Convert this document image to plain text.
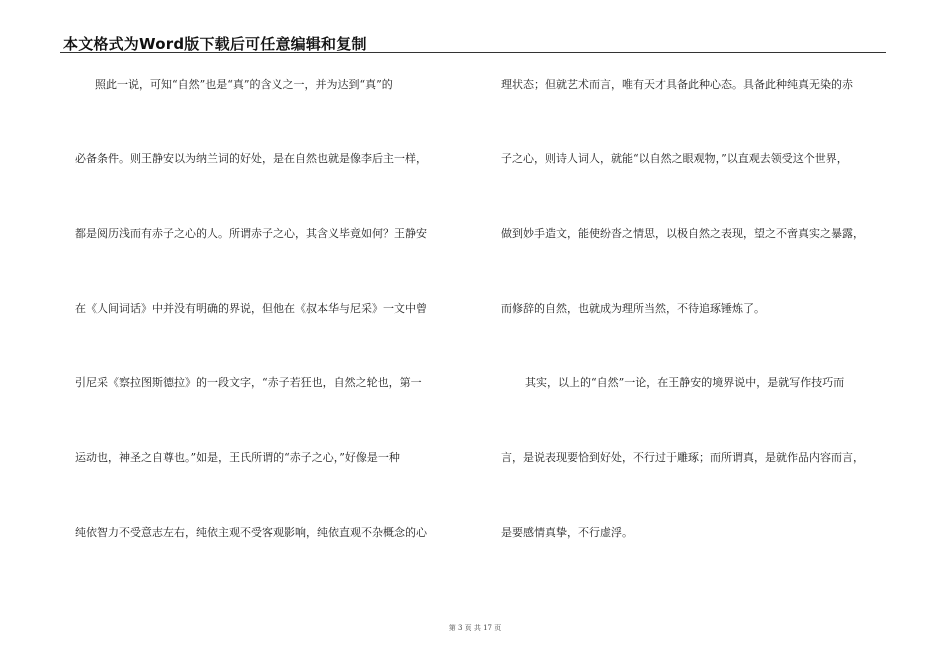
本文格式为Word版下载后可任意编辑和复制
照此一说，可知“自然”也是“真”的含义之一，并为达到“真”的
必备条件。则王静安以为纳兰词的好处，是在自然也就是像李后主一样，
都是阅历浅而有赤子之心的人。所谓赤子之心，其含义毕竟如何？王静安
在《人间词话》中并没有明确的界说，但他在《叔本华与尼采》一文中曾
引尼采《察拉图斯德拉》的一段文字，“赤子若狂也，自然之轮也，第一
运动也，神圣之自尊也。”如是，王氏所谓的“赤子之心，”好像是一种
纯依智力不受意志左右，纯依主观不受客观影响，纯依直观不杂概念的心
理状态；但就艺术而言，唯有天才具备此种心态。具备此种纯真无染的赤
子之心，则诗人词人，就能“以自然之眼观物，”以直观去领受这个世界，
做到妙手造文，能使纷沓之情思，以极自然之表现，望之不啻真实之暴露，
而修辞的自然，也就成为理所当然，不待追琢锤炼了。
其实，以上的“自然”一论，在王静安的境界说中，是就写作技巧而
言，是说表现要恰到好处，不行过于雕琢；而所谓真，是就作品内容而言，
是要感情真挚，不行虚浮。
第 3 页 共 17 页
